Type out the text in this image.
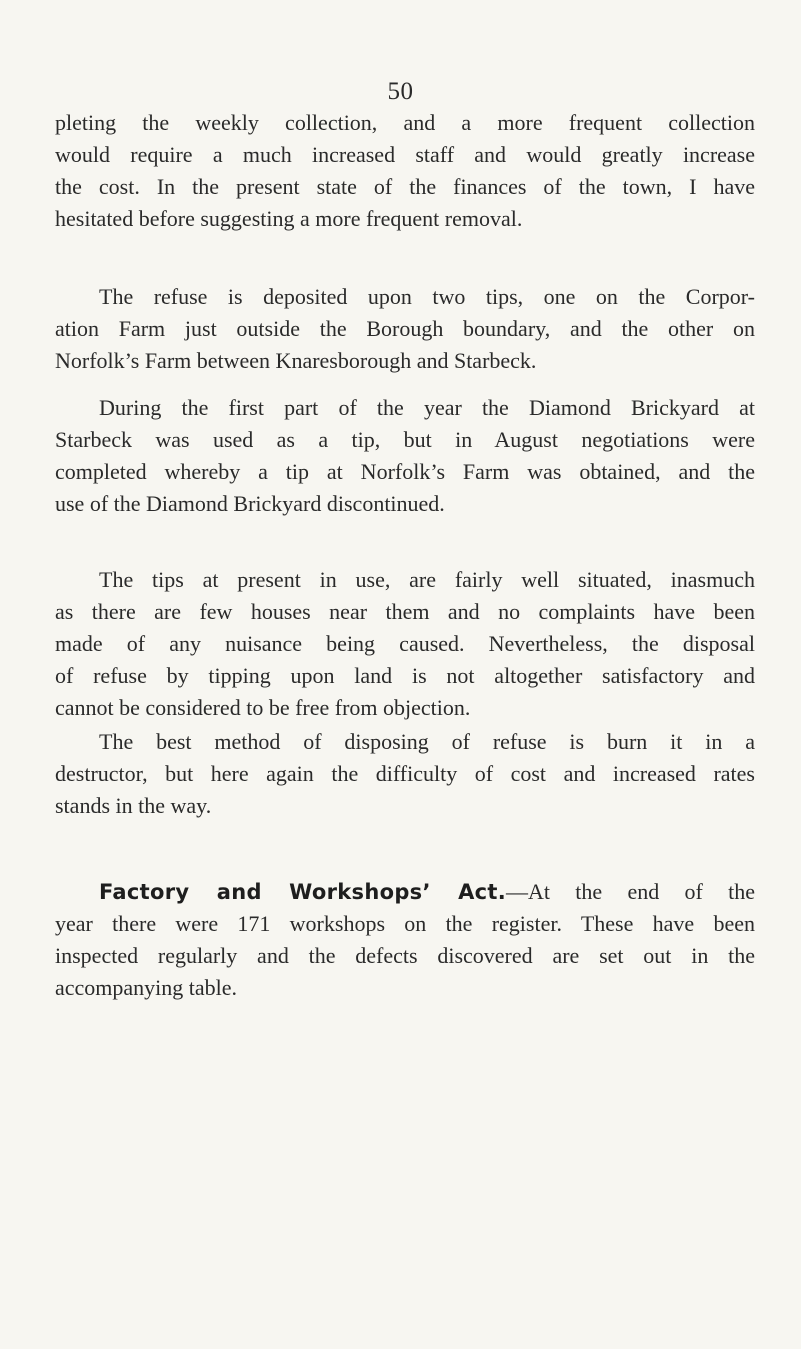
50
pleting the weekly collection, and a more frequent collection
would require a much increased staff and would greatly increase
the cost. In the present state of the finances of the town, I have
hesitated before suggesting a more frequent removal.
The refuse is deposited upon two tips, one on the Corpor-
ation Farm just outside the Borough boundary, and the other on
Norfolk’s Farm between Knaresborough and Starbeck.
During the first part of the year the Diamond Brickyard at
Starbeck was used as a tip, but in August negotiations were
completed whereby a tip at Norfolk’s Farm was obtained, and the
use of the Diamond Brickyard discontinued.
The tips at present in use, are fairly well situated, inasmuch
as there are few houses near them and no complaints have been
made of any nuisance being caused. Nevertheless, the disposal
of refuse by tipping upon land is not altogether satisfactory and
cannot be considered to be free from objection.
The best method of disposing of refuse is burn it in a
destructor, but here again the difficulty of cost and increased rates
stands in the way.
Factory and Workshops’ Act.—At the end of the
year there were 171 workshops on the register. These have been
inspected regularly and the defects discovered are set out in the
accompanying table.
